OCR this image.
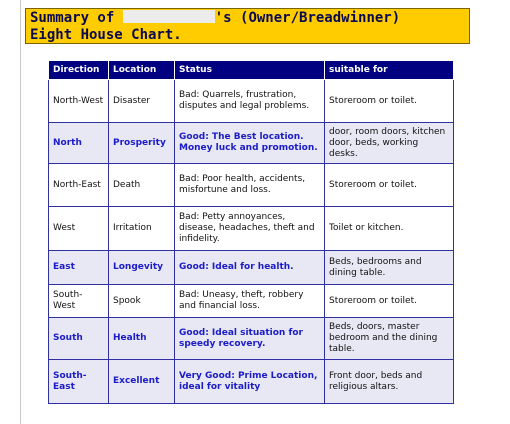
Summary of	's (Owner/Breadwinner)
Eight House Chart.
Direction	Location	Status	suitable for
North-West	Disaster	Bad: Quarrels, frustration, disputes and legal problems.	Storeroom or toilet.
North	Prosperity	Good: The Best location. Money luck and promotion.	door, room doors, kitchen door, beds, working desks.
North-East	Death	Bad: Poor health, accidents, misfortune and loss.	Storeroom or toilet.
West	Irritation	Bad: Petty annoyances, disease, headaches, theft and infidelity.	Toilet or kitchen.
East	Longevity	Good: Ideal for health.	Beds, bedrooms and dining table.
South-West	Spook	Bad: Uneasy, theft, robbery and financial loss.	Storeroom or toilet.
South	Health	Good: Ideal situation for speedy recovery.	Beds, doors, master bedroom and the dining table.
South-East	Excellent	Very Good: Prime Location, ideal for vitality	Front door, beds and religious altars.
